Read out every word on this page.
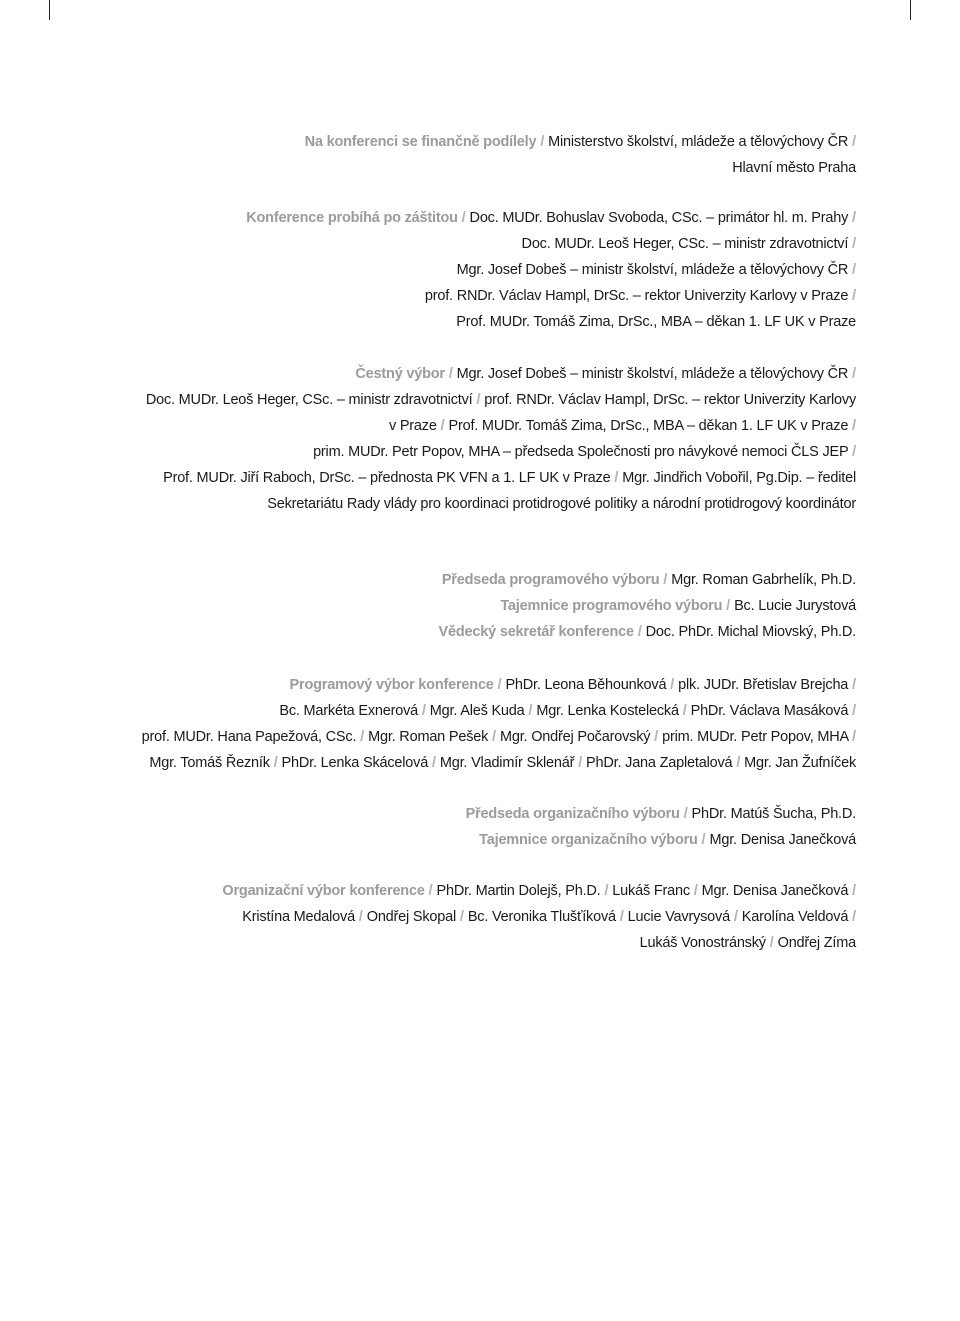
Na konferenci se finančně podílely / Ministerstvo školství, mládeže a tělovýchovy ČR /
Hlavní město Praha
Konference probíhá po záštitou / Doc. MUDr. Bohuslav Svoboda, CSc. – primátor hl. m. Prahy /
Doc. MUDr. Leoš Heger, CSc. – ministr zdravotnictví /
Mgr. Josef Dobeš – ministr školství, mládeže a tělovýchovy ČR /
prof. RNDr. Václav Hampl, DrSc. – rektor Univerzity Karlovy v Praze /
Prof. MUDr. Tomáš Zima, DrSc., MBA – děkan 1. LF UK v Praze
Čestný výbor / Mgr. Josef Dobeš – ministr školství, mládeže a tělovýchovy ČR /
Doc. MUDr. Leoš Heger, CSc. – ministr zdravotnictví / prof. RNDr. Václav Hampl, DrSc. – rektor Univerzity Karlovy
v Praze / Prof. MUDr. Tomáš Zima, DrSc., MBA – děkan 1. LF UK v Praze /
prim. MUDr. Petr Popov, MHA – předseda Společnosti pro návykové nemoci ČLS JEP /
Prof. MUDr. Jiří Raboch, DrSc. – přednosta PK VFN a 1. LF UK v Praze / Mgr. Jindřich Vobořil, Pg.Dip. – ředitel
Sekretariátu Rady vlády pro koordinaci protidrogové politiky a národní protidrogový koordinátor
Předseda programového výboru / Mgr. Roman Gabrhelík, Ph.D.
Tajemnice programového výboru / Bc. Lucie Jurystová
Vědecký sekretář konference / Doc. PhDr. Michal Miovský, Ph.D.
Programový výbor konference / PhDr. Leona Běhounková / plk. JUDr. Břetislav Brejcha /
Bc. Markéta Exnerová / Mgr. Aleš Kuda / Mgr. Lenka Kostelecká / PhDr. Václava Masáková /
prof. MUDr. Hana Papežová, CSc. / Mgr. Roman Pešek / Mgr. Ondřej Počarovský / prim. MUDr. Petr Popov, MHA /
Mgr. Tomáš Řezník / PhDr. Lenka Skácelová / Mgr. Vladimír Sklenář / PhDr. Jana Zapletalová / Mgr. Jan Žufníček
Předseda organizačního výboru / PhDr. Matúš Šucha, Ph.D.
Tajemnice organizačního výboru / Mgr. Denisa Janečková
Organizační výbor konference / PhDr. Martin Dolejš, Ph.D. / Lukáš Franc / Mgr. Denisa Janečková /
Kristína Medalová / Ondřej Skopal / Bc. Veronika Tlušťíková / Lucie Vavrysová / Karolína Veldová /
Lukáš Vonostránský / Ondřej Zíma
